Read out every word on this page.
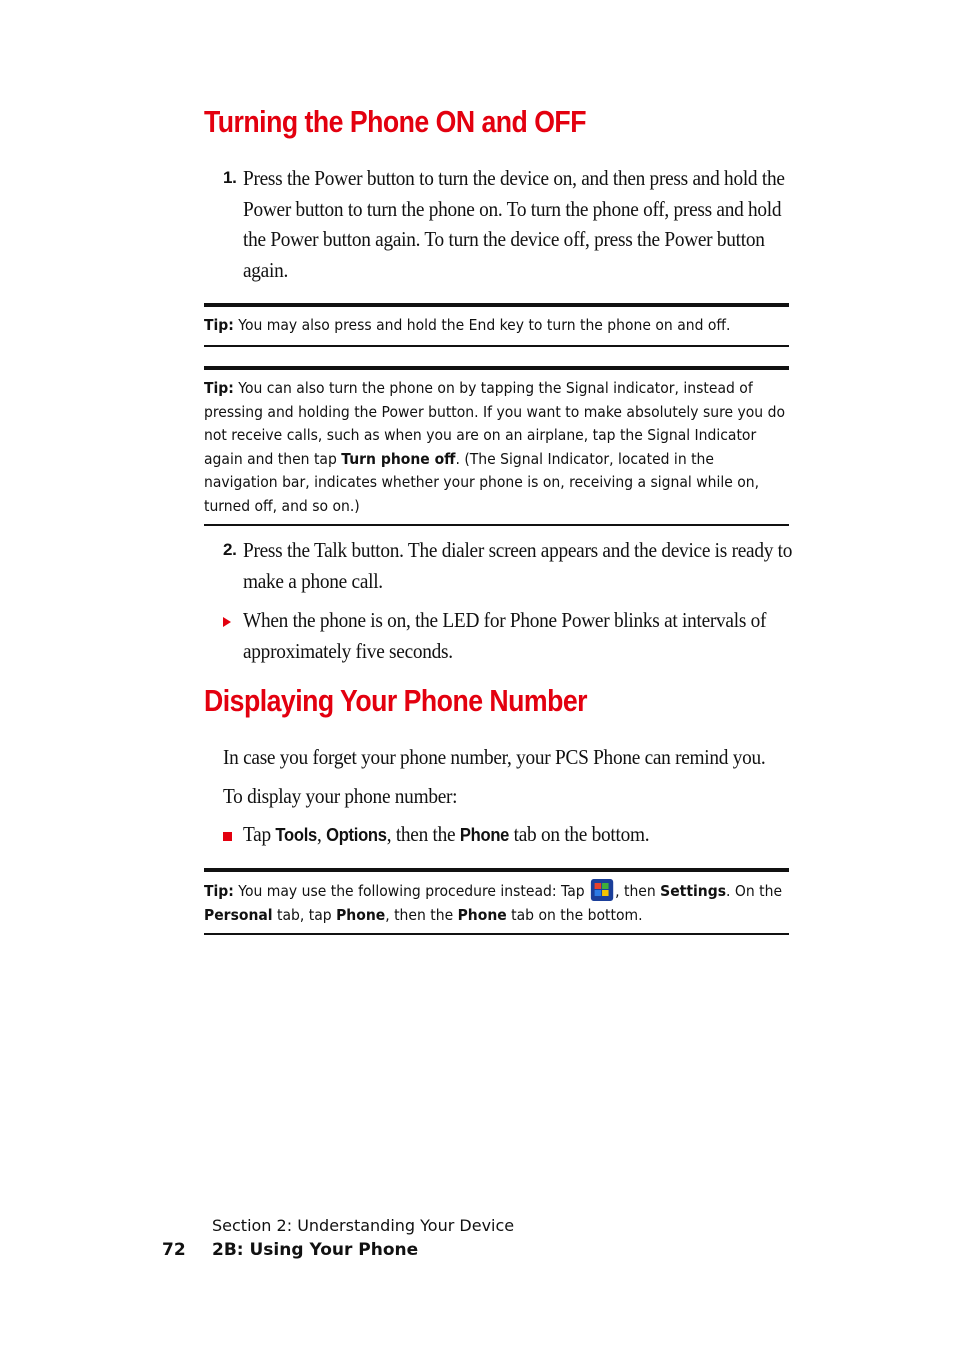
Turning the Phone ON and OFF
1. Press the Power button to turn the device on, and then press and hold the Power button to turn the phone on. To turn the phone off, press and hold the Power button again. To turn the device off, press the Power button again.
Tip: You may also press and hold the End key to turn the phone on and off.
Tip: You can also turn the phone on by tapping the Signal indicator, instead of pressing and holding the Power button. If you want to make absolutely sure you do not receive calls, such as when you are on an airplane, tap the Signal Indicator again and then tap Turn phone off. (The Signal Indicator, located in the navigation bar, indicates whether your phone is on, receiving a signal while on, turned off, and so on.)
2. Press the Talk button. The dialer screen appears and the device is ready to make a phone call.
When the phone is on, the LED for Phone Power blinks at intervals of approximately five seconds.
Displaying Your Phone Number
In case you forget your phone number, your PCS Phone can remind you.
To display your phone number:
Tap Tools, Options, then the Phone tab on the bottom.
Tip: You may use the following procedure instead: Tap
, then Settings. On the Personal tab, tap Phone, then the Phone tab on the bottom.
Section 2: Understanding Your Device
72 2B: Using Your Phone
